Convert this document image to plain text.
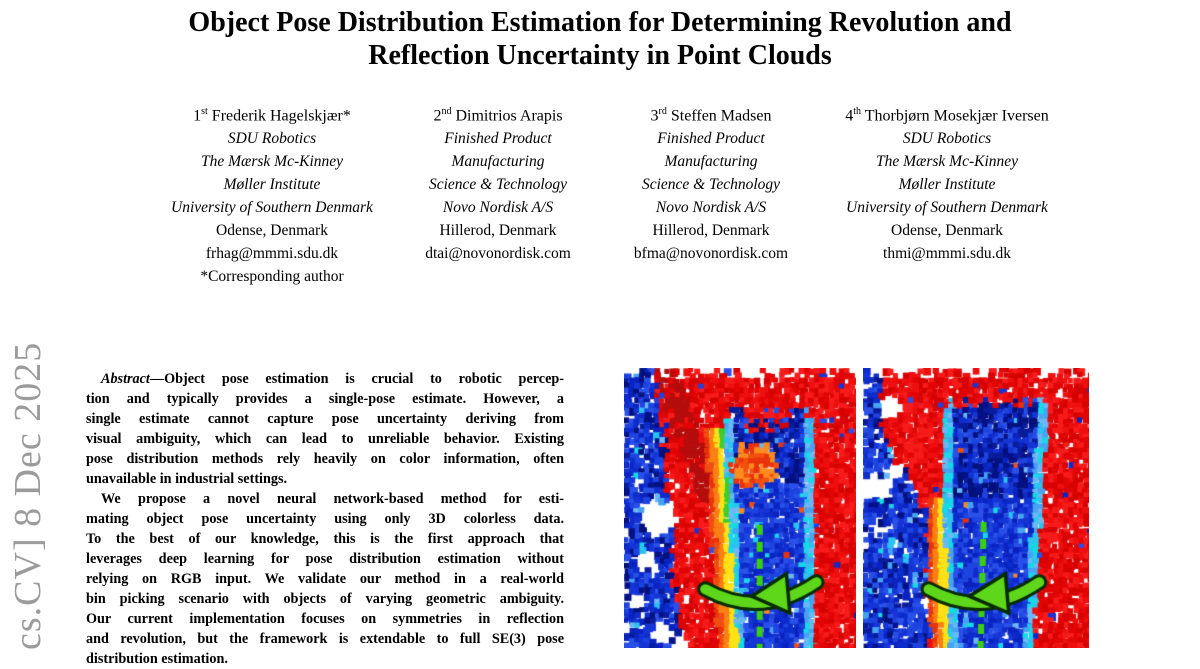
cs.CV] 8 Dec 2025
Object Pose Distribution Estimation for Determining Revolution and
Reflection Uncertainty in Point Clouds
1st Frederik Hagelskjær*
SDU Robotics
The Mærsk Mc-Kinney
Møller Institute
University of Southern Denmark
Odense, Denmark
frhag@mmmi.sdu.dk
*Corresponding author
2nd Dimitrios Arapis
Finished Product
Manufacturing
Science & Technology
Novo Nordisk A/S
Hillerod, Denmark
dtai@novonordisk.com
3rd Steffen Madsen
Finished Product
Manufacturing
Science & Technology
Novo Nordisk A/S
Hillerod, Denmark
bfma@novonordisk.com
4th Thorbjørn Mosekjær Iversen
SDU Robotics
The Mærsk Mc-Kinney
Møller Institute
University of Southern Denmark
Odense, Denmark
thmi@mmmi.sdu.dk
Abstract—Object pose estimation is crucial to robotic percep-
tion and typically provides a single-pose estimate. However, a
single estimate cannot capture pose uncertainty deriving from
visual ambiguity, which can lead to unreliable behavior. Existing
pose distribution methods rely heavily on color information, often
unavailable in industrial settings.
We propose a novel neural network-based method for esti-
mating object pose uncertainty using only 3D colorless data.
To the best of our knowledge, this is the first approach that
leverages deep learning for pose distribution estimation without
relying on RGB input. We validate our method in a real-world
bin picking scenario with objects of varying geometric ambiguity.
Our current implementation focuses on symmetries in reflection
and revolution, but the framework is extendable to full SE(3) pose
distribution estimation.
